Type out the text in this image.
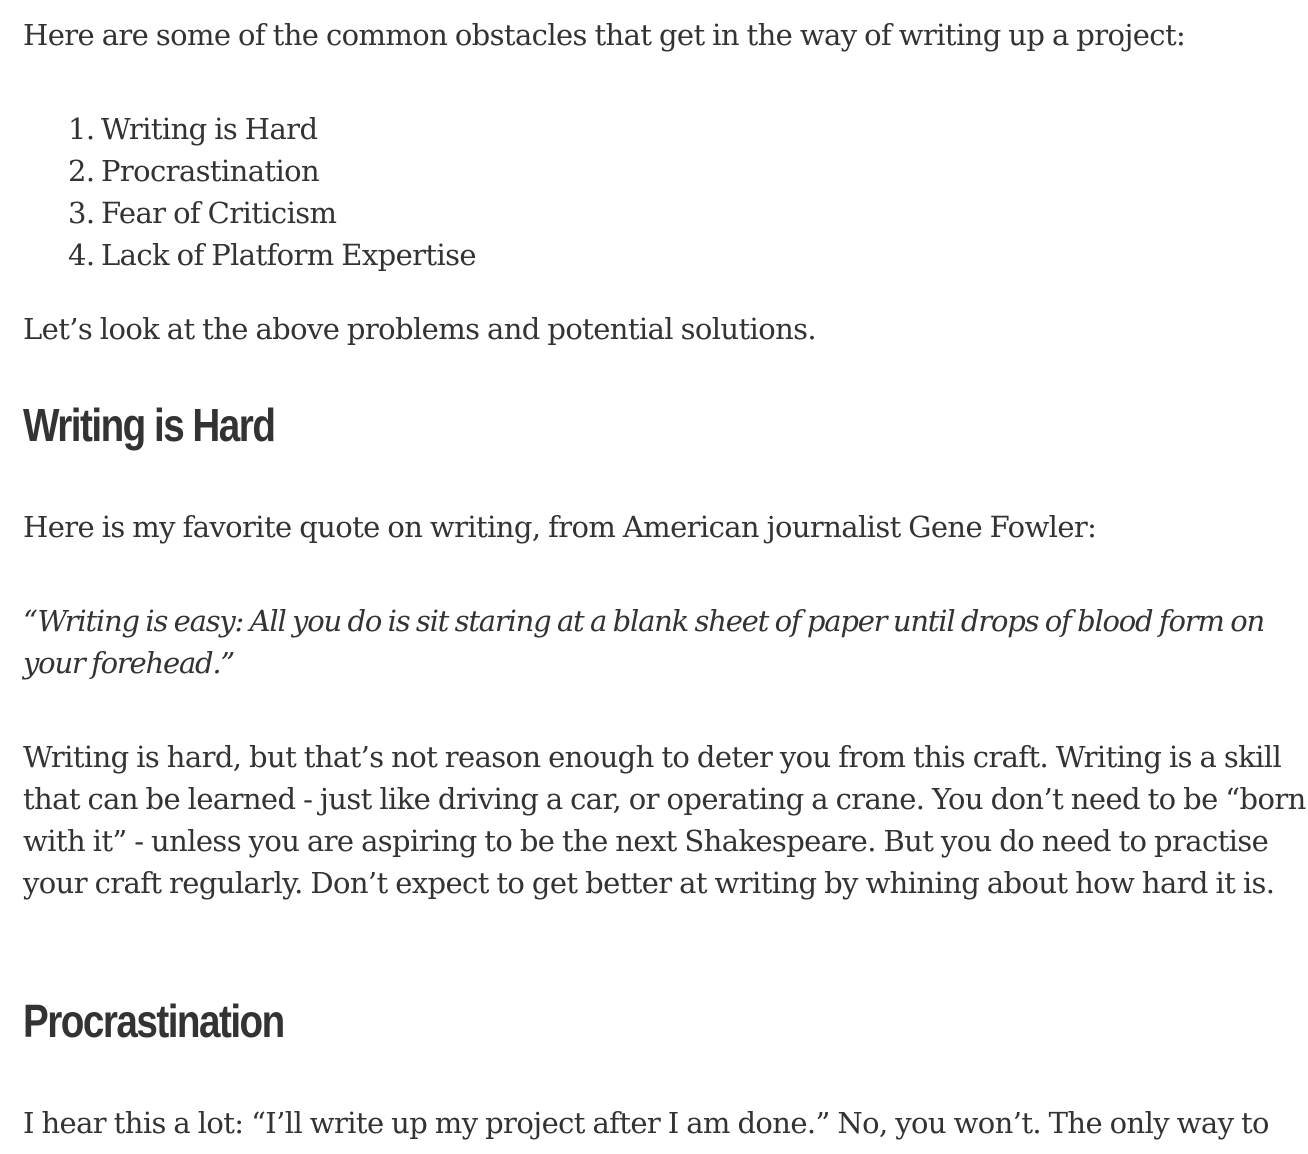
Here are some of the common obstacles that get in the way of writing up a project:

1. Writing is Hard
2. Procrastination
3. Fear of Criticism
4. Lack of Platform Expertise

Let’s look at the above problems and potential solutions.

Writing is Hard

Here is my favorite quote on writing, from American journalist Gene Fowler:

“Writing is easy: All you do is sit staring at a blank sheet of paper until drops of blood form on your forehead.”

Writing is hard, but that’s not reason enough to deter you from this craft. Writing is a skill that can be learned - just like driving a car, or operating a crane. You don’t need to be “born with it” - unless you are aspiring to be the next Shakespeare. But you do need to practise your craft regularly. Don’t expect to get better at writing by whining about how hard it is.

Procrastination

I hear this a lot: “I’ll write up my project after I am done.” No, you won’t. The only way to
